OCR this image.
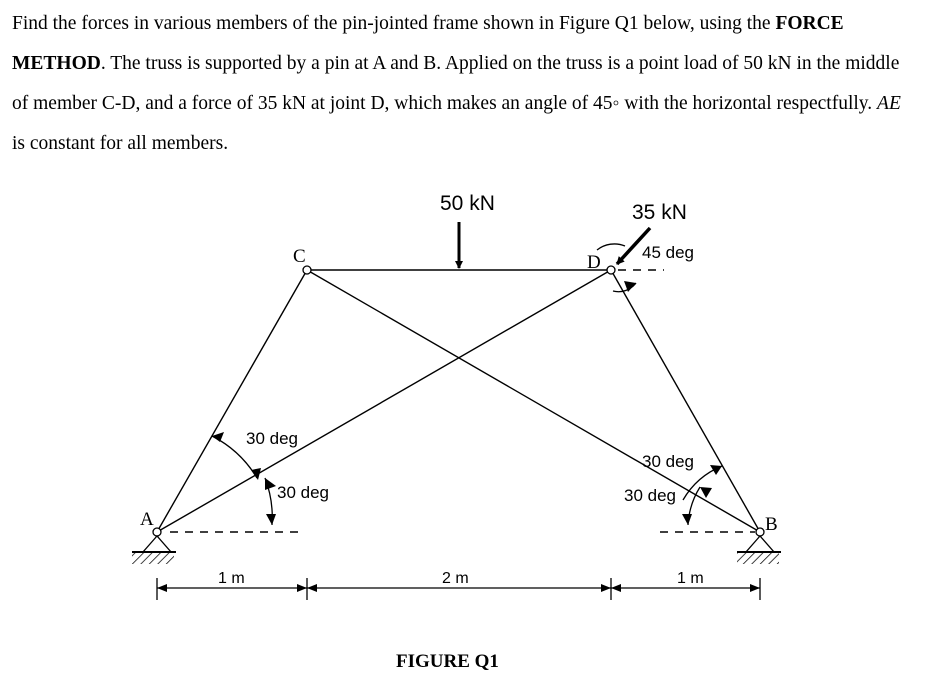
Find the forces in various members of the pin-jointed frame shown in Figure Q1 below, using the FORCE METHOD. The truss is supported by a pin at A and B. Applied on the truss is a point load of 50 kN in the middle of member C-D, and a force of 35 kN at joint D, which makes an angle of 45◦ with the horizontal respectfully. AE is constant for all members.

C	D
A	B
50 kN	35 kN
45 deg
30 deg
30 deg
30 deg
30 deg
1 m	2 m	1 m
FIGURE Q1
